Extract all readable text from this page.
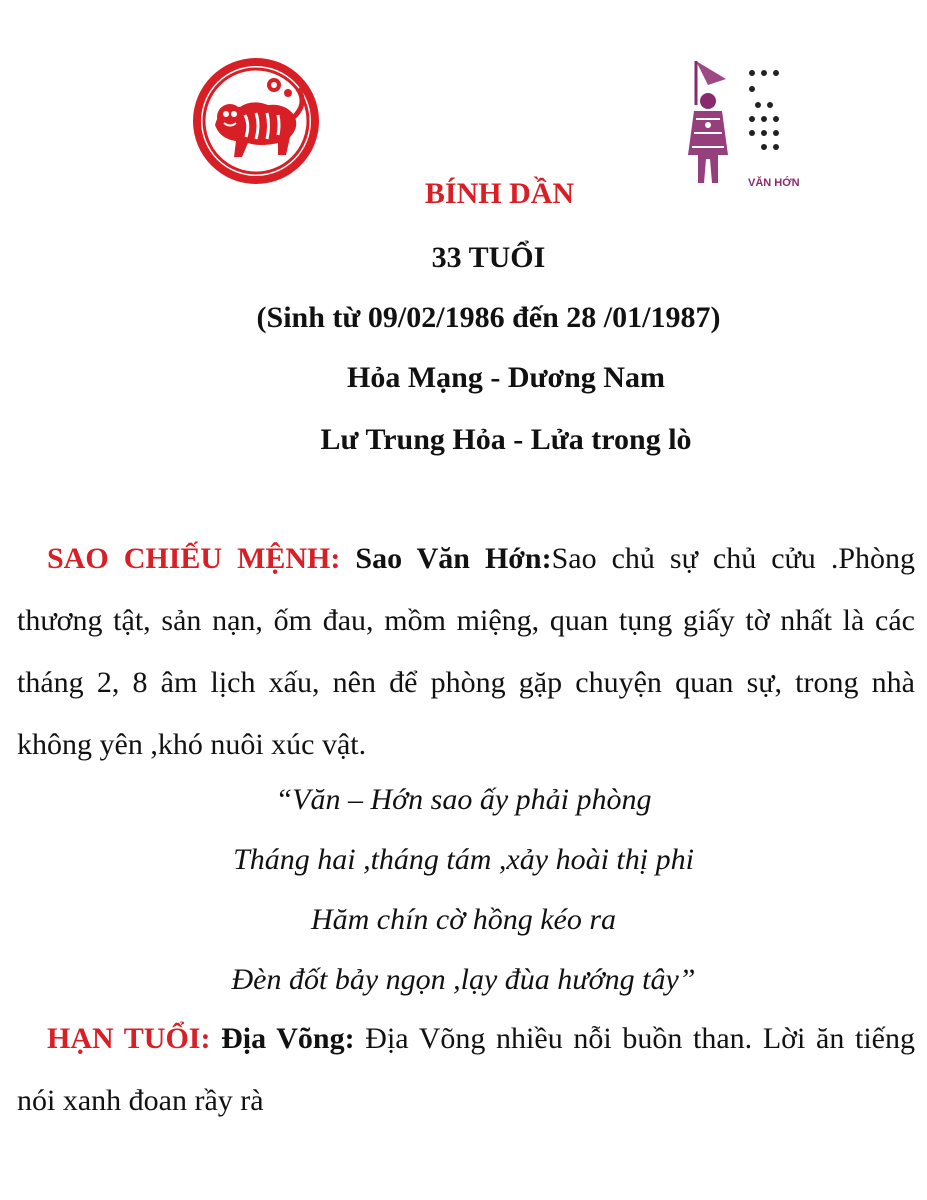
VĂN HỚN
BÍNH DẦN
33 TUỔI
(Sinh từ 09/02/1986 đến 28 /01/1987)
Hỏa Mạng - Dương Nam
Lư Trung Hỏa - Lửa trong lò
SAO CHIẾU MỆNH: Sao Văn Hớn:Sao chủ sự chủ cửu .Phòng thương tật, sản nạn, ốm đau, mồm miệng, quan tụng giấy tờ nhất là các tháng 2, 8 âm lịch xấu, nên để phòng gặp chuyện quan sự, trong nhà không yên ,khó nuôi xúc vật.
“Văn – Hớn sao ấy phải phòng
Tháng hai ,tháng tám ,xảy hoài thị phi
Hăm chín cờ hồng kéo ra
Đèn đốt bảy ngọn ,lạy đùa hướng tây”
HẠN TUỔI: Địa Võng: Địa Võng nhiều nỗi buồn than. Lời ăn tiếng nói xanh đoan rầy rà
